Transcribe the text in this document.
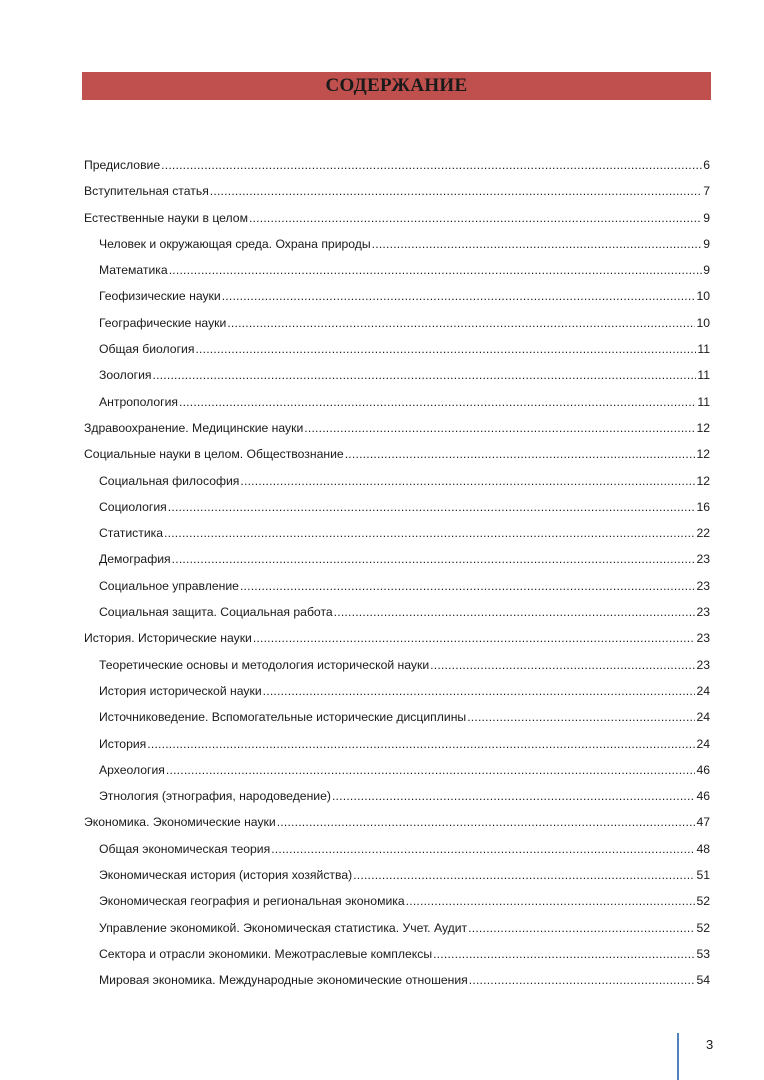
СОДЕРЖАНИЕ
Предисловие .....	6
Вступительная статья .....	7
Естественные науки в целом .....	9
Человек и окружающая среда. Охрана природы .....	9
Математика .....	9
Геофизические науки .....	10
Географические науки .....	10
Общая биология .....	11
Зоология .....	11
Антропология .....	11
Здравоохранение. Медицинские науки .....	12
Социальные науки в целом. Обществознание .....	12
Социальная философия .....	12
Социология .....	16
Статистика .....	22
Демография .....	23
Социальное управление .....	23
Социальная защита. Социальная работа .....	23
История. Исторические науки .....	23
Теоретические основы и методология исторической науки .....	23
История исторической науки .....	24
Источниковедение. Вспомогательные исторические дисциплины .....	24
История .....	24
Археология .....	46
Этнология (этнография, народоведение) .....	46
Экономика. Экономические науки .....	47
Общая экономическая теория .....	48
Экономическая история (история хозяйства) .....	51
Экономическая география и региональная экономика .....	52
Управление экономикой. Экономическая статистика. Учет. Аудит .....	52
Сектора и отрасли экономики. Межотраслевые комплексы .....	53
Мировая экономика. Международные экономические отношения .....	54
3
